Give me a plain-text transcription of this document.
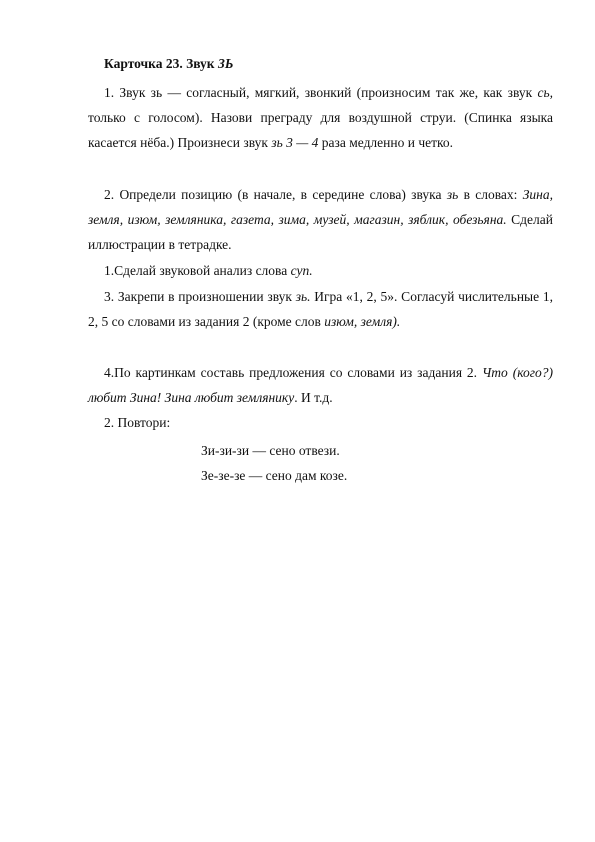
Карточка 23. Звук ЗЬ
1. Звук зь — согласный, мягкий, звонкий (произносим так же, как звук сь, только с голосом). Назови преграду для воздушной струи. (Спинка языка касается нёба.) Произнеси звук зь 3 — 4 раза медленно и четко.
2. Определи позицию (в начале, в середине слова) звука зь в словах: Зина, земля, изюм, земляника, газета, зима, музей, магазин, зяблик, обезьяна. Сделай иллюстрации в тетрадке.
1.Сделай звуковой анализ слова суп.
3. Закрепи в произношении звук зь. Игра «1, 2, 5». Согласуй числительные 1, 2, 5 со словами из задания 2 (кроме слов изюм, земля).
4.По картинкам составь предложения со словами из задания 2. Что (кого?) любит Зина! Зина любит землянику. И т.д.
2. Повтори:
Зи-зи-зи — сено отвези.
Зе-зе-зе — сено дам козе.
